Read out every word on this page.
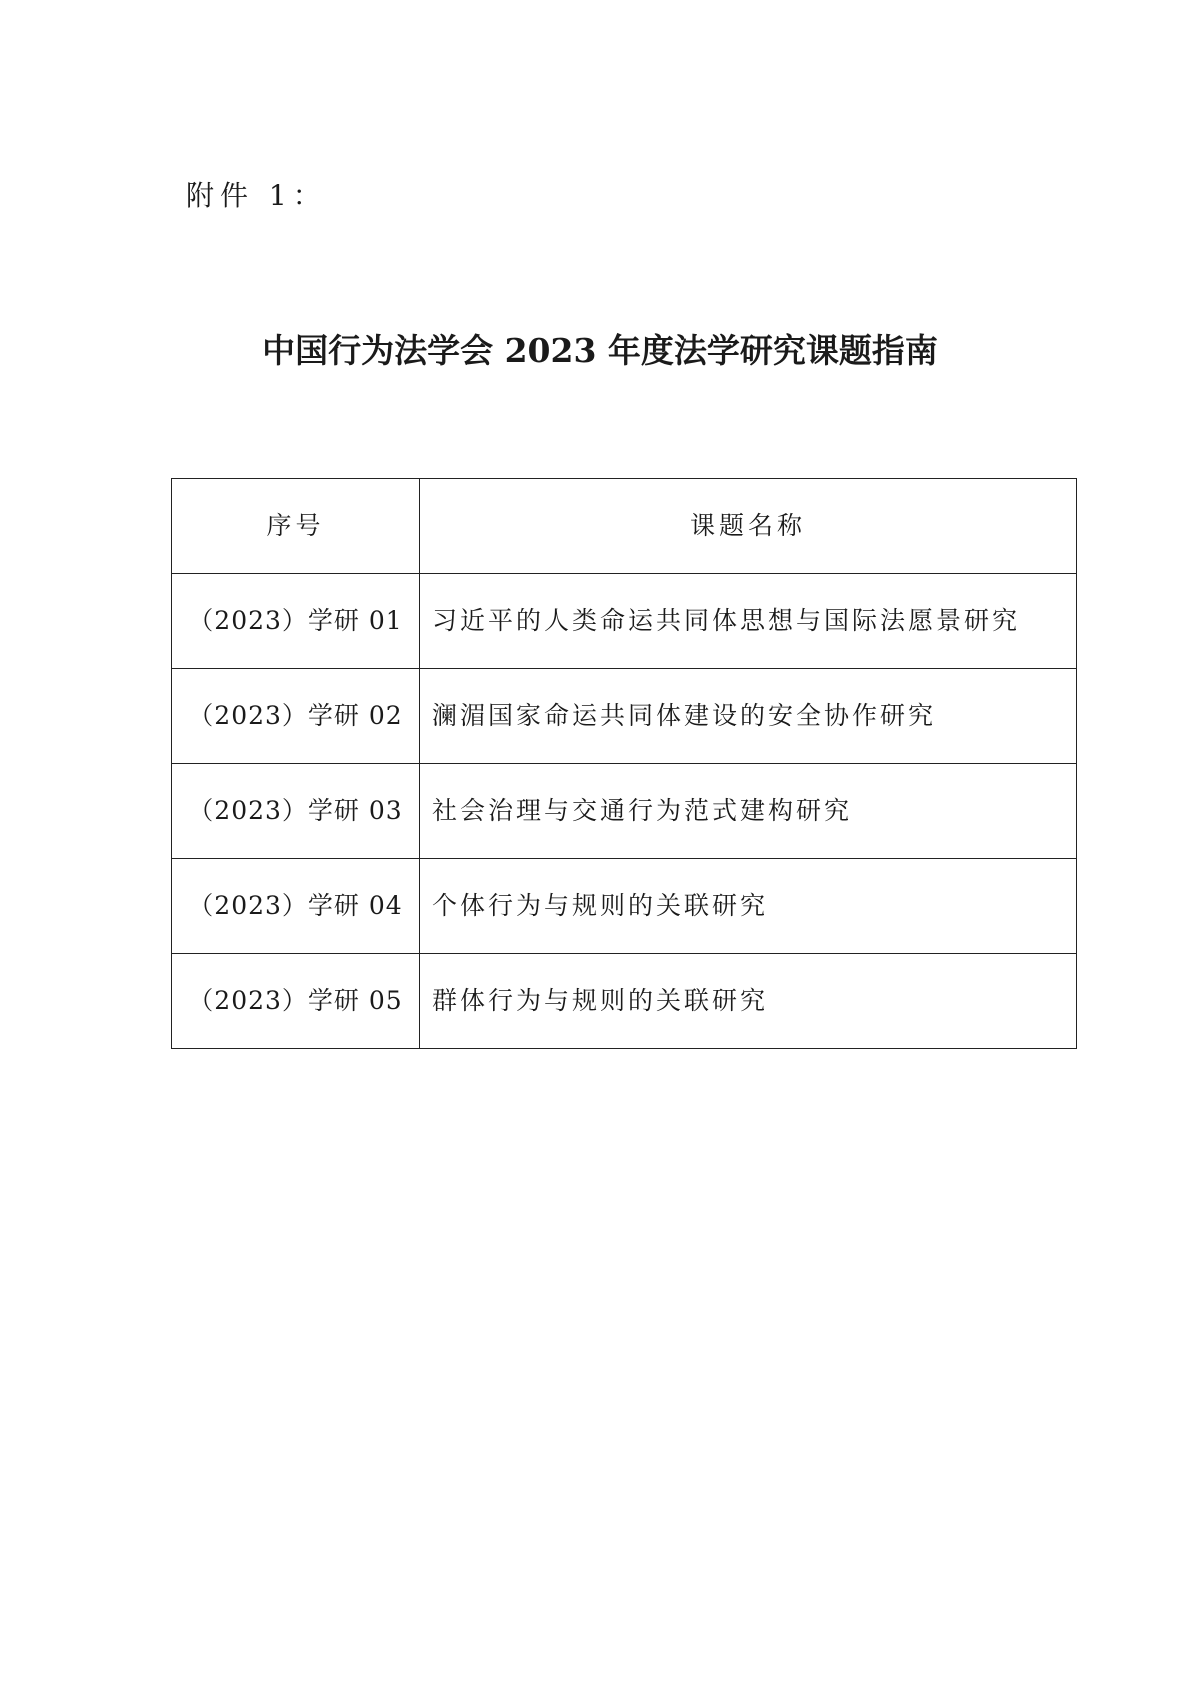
附件 1：
中国行为法学会 2023 年度法学研究课题指南
序号	课题名称
（2023）学研 01	习近平的人类命运共同体思想与国际法愿景研究
（2023）学研 02	澜湄国家命运共同体建设的安全协作研究
（2023）学研 03	社会治理与交通行为范式建构研究
（2023）学研 04	个体行为与规则的关联研究
（2023）学研 05	群体行为与规则的关联研究
